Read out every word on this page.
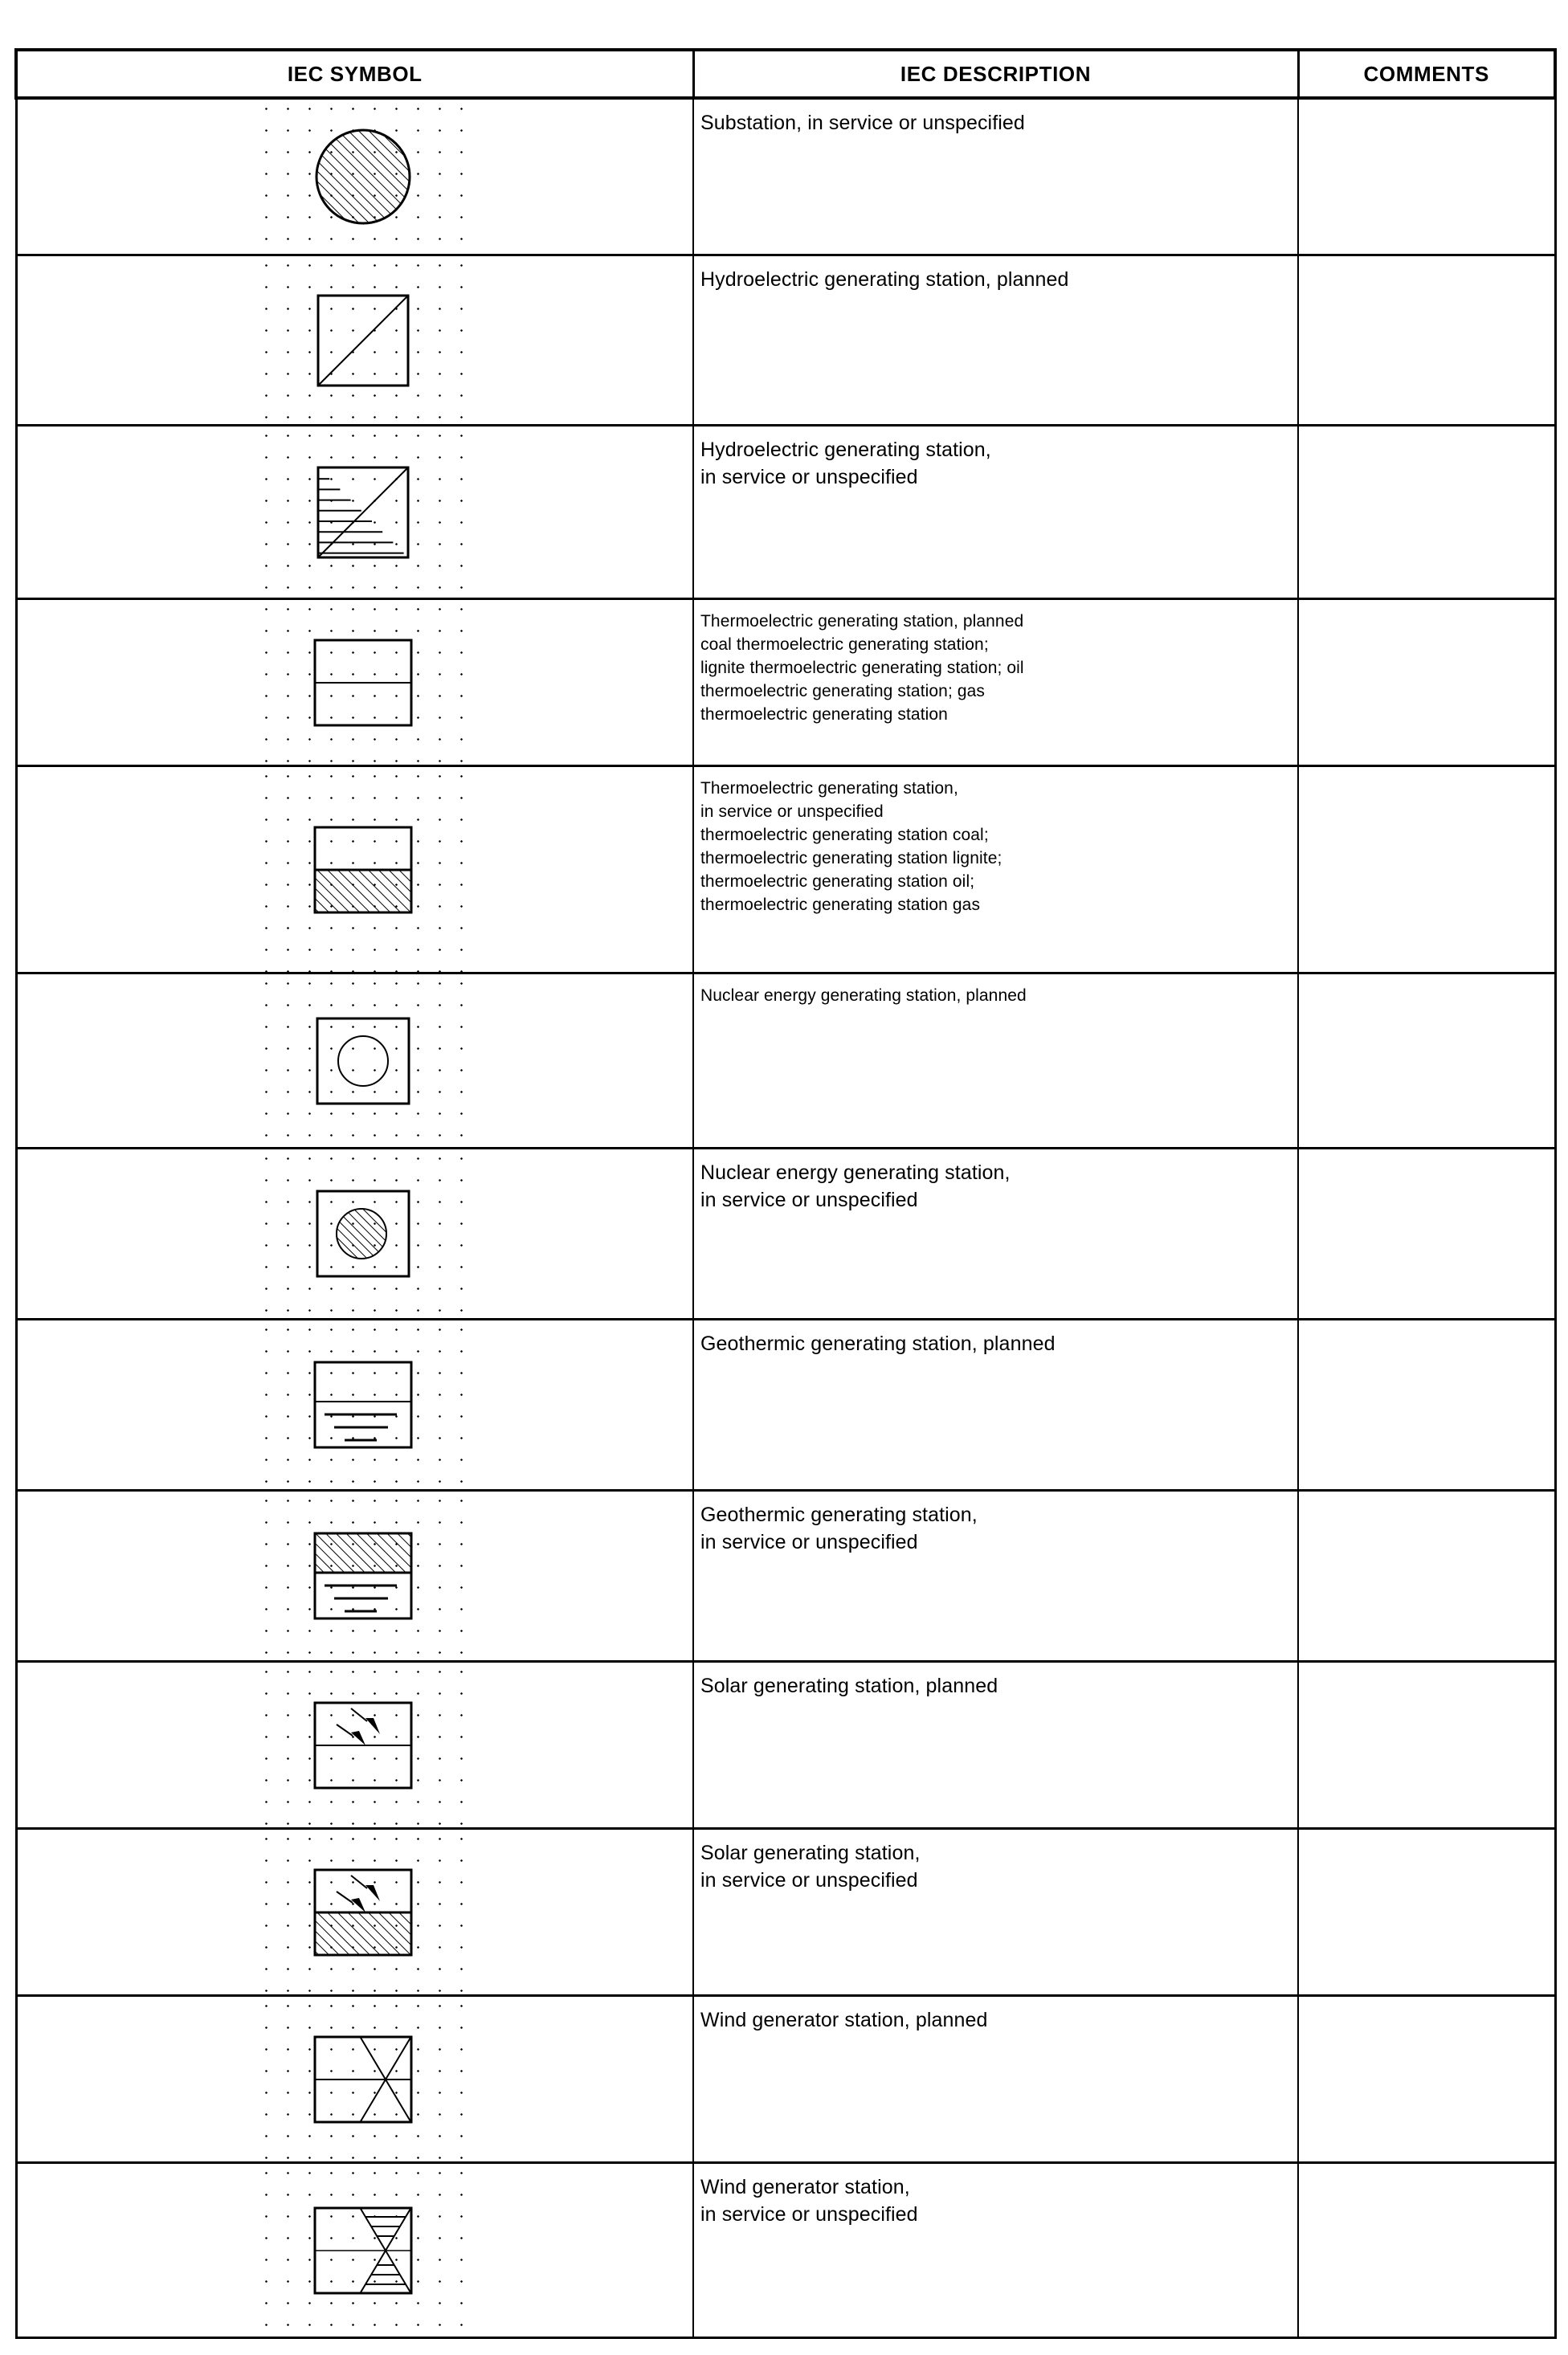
IEC SYMBOL	IEC DESCRIPTION	COMMENTS

Substation, in service or unspecified	

Hydroelectric generating station, planned	

Hydroelectric generating station,
in service or unspecified	

Thermoelectric generating station, planned
coal thermoelectric generating station;
lignite thermoelectric generating station; oil
thermoelectric generating station; gas
thermoelectric generating station	

Thermoelectric generating station,
in service or unspecified
thermoelectric generating station coal;
thermoelectric generating station lignite;
thermoelectric generating station oil;
thermoelectric generating station gas

Nuclear energy generating station, planned	

Nuclear energy generating station,
in service or unspecified	

Geothermic generating station, planned	

Geothermic generating station,
in service or unspecified	

Solar generating station, planned	

Solar generating station,
in service or unspecified	

Wind generator station, planned	

Wind generator station,
in service or unspecified	
